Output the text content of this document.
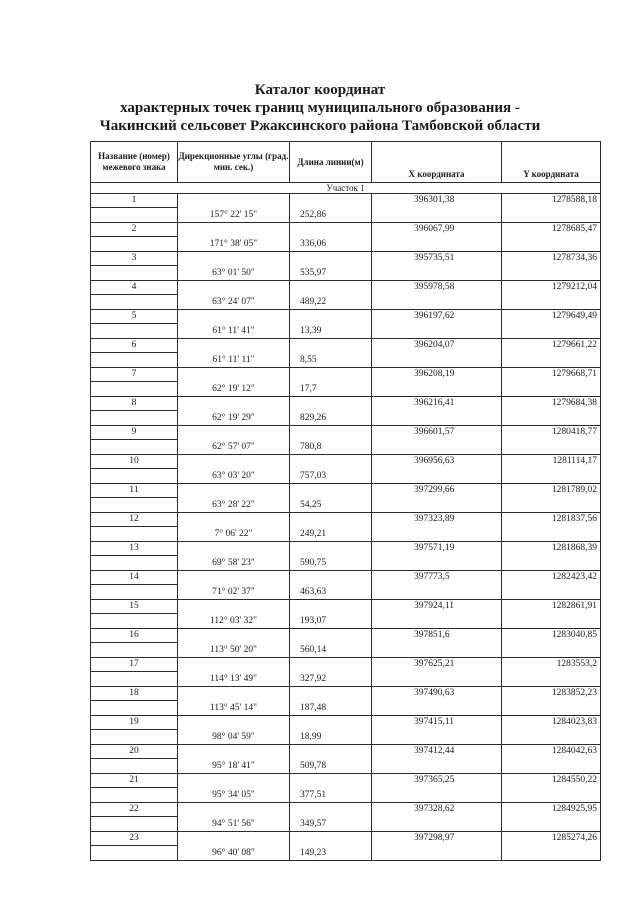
Каталог координат
характерных точек границ муниципального образования -
Чакинский сельсовет Ржаксинского района Тамбовской области
Название (номер) межевого знака	Дирекционные углы (град. мин. сек.)	Длина линии(м)	X координата	Y координата
Участок 1				
1			396301,38	1278588,18
	157° 22' 15"	252,86		
2			396067,99	1278685,47
	171° 38' 05"	336,06		
3			395735,51	1278734,36
	63° 01' 50"	535,97		
4			395978,58	1279212,04
	63° 24' 07"	489,22		
5			396197,62	1279649,49
	61° 11' 41"	13,39		
6			396204,07	1279661,22
	61° 11' 11"	8,55		
7			396208,19	1279668,71
	62° 19' 12"	17,7		
8			396216,41	1279684,38
	62° 19' 29"	829,26		
9			396601,57	1280418,77
	62° 57' 07"	780,8		
10			396956,63	1281114,17
	63° 03' 20"	757,03		
11			397299,66	1281789,02
	63° 28' 22"	54,25		
12			397323,89	1281837,56
	7° 06' 22"	249,21		
13			397571,19	1281868,39
	69° 58' 23"	590,75		
14			397773,5	1282423,42
	71° 02' 37"	463,63		
15			397924,11	1282861,91
	112° 03' 32"	193,07		
16			397851,6	1283040,85
	113° 50' 20"	560,14		
17			397625,21	1283553,2
	114° 13' 49"	327,92		
18			397490,63	1283852,23
	113° 45' 14"	187,48		
19			397415,11	1284023,83
	98° 04' 59"	18,99		
20			397412,44	1284042,63
	95° 18' 41"	509,78		
21			397365,25	1284550,22
	95° 34' 05"	377,51		
22			397328,62	1284925,95
	94° 51' 56"	349,57		
23			397298,97	1285274,26
	96° 40' 08"	149,23		
